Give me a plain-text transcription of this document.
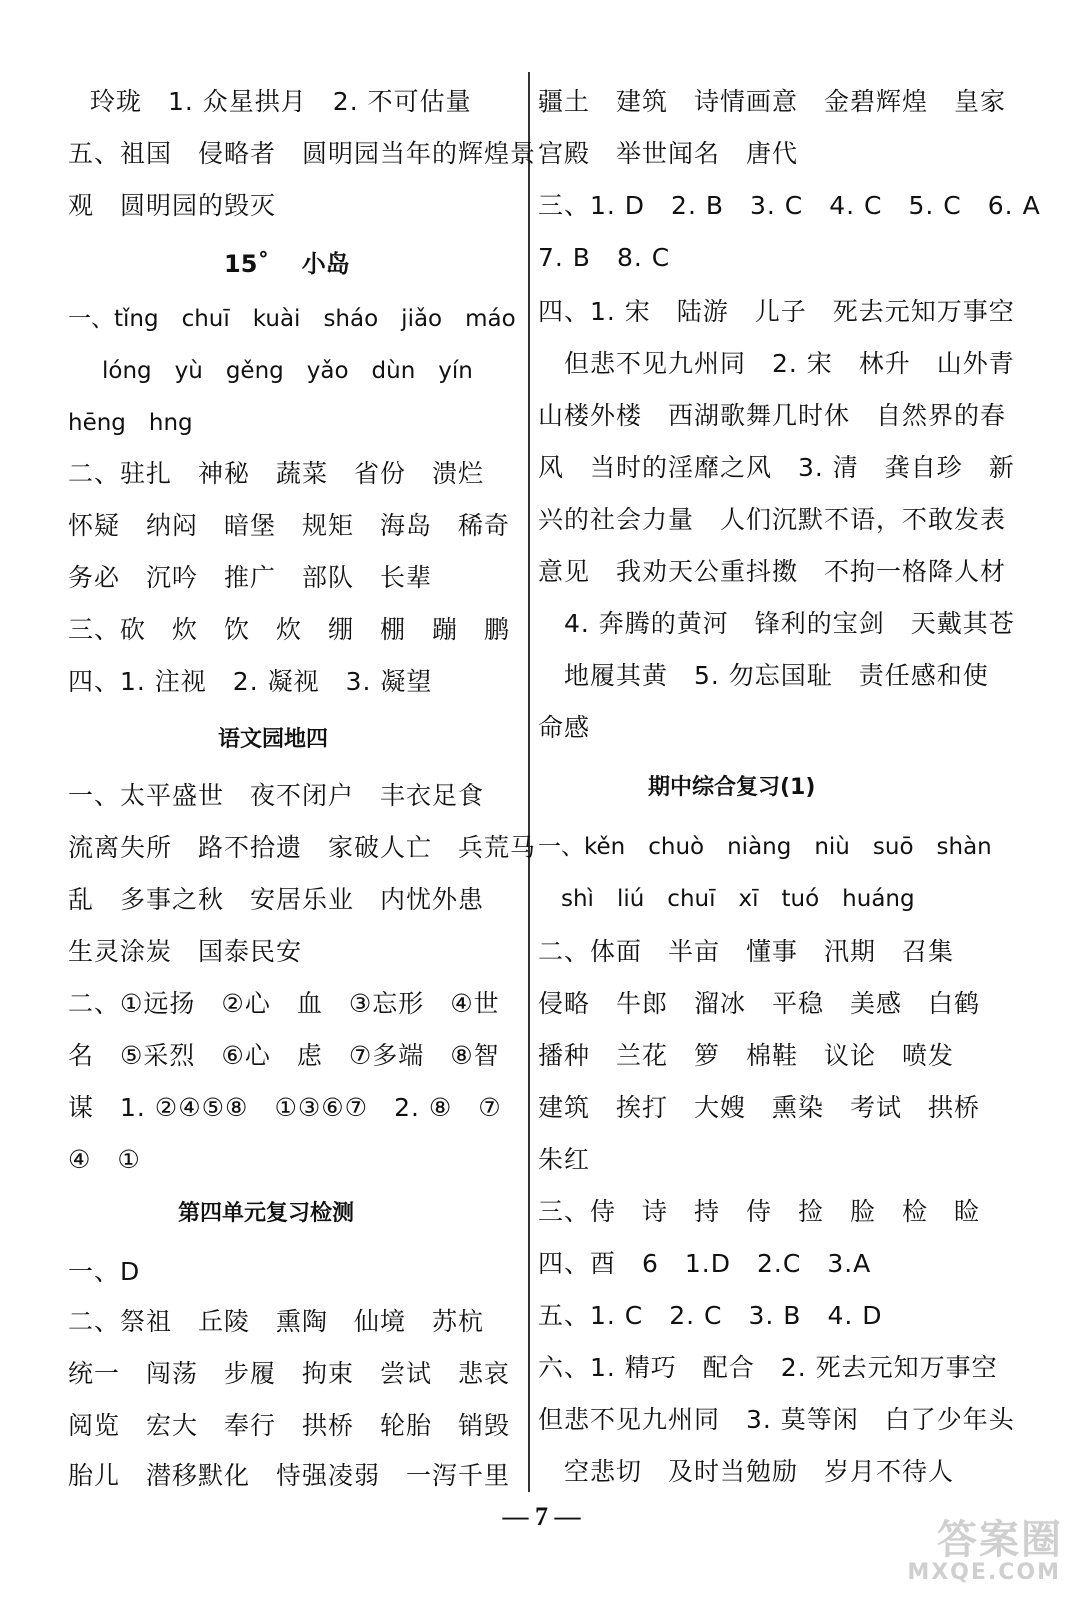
玲珑　1. 众星拱月　2. 不可估量
五、祖国　侵略者　圆明园当年的辉煌景
观　圆明园的毁灭
15˚ 小岛
一、tǐng　chuī　kuài　sháo　jiǎo　máo
lóng　yù　gěng　yǎo　dùn　yín
hēng　hng
二、驻扎　神秘　蔬菜　省份　溃烂
怀疑　纳闷　暗堡　规矩　海岛　稀奇
务必　沉吟　推广　部队　长辈
三、砍　炊　饮　炊　绷　棚　蹦　鹏
四、1. 注视　2. 凝视　3. 凝望
语文园地四
一、太平盛世　夜不闭户　丰衣足食
流离失所　路不拾遗　家破人亡　兵荒马
乱　多事之秋　安居乐业　内忧外患
生灵涂炭　国泰民安
二、①远扬　②心　血　③忘形　④世
名　⑤采烈　⑥心　虑　⑦多端　⑧智
谋　1. ②④⑤⑧　①③⑥⑦　2. ⑧　⑦
④　①
第四单元复习检测
一、D
二、祭祖　丘陵　熏陶　仙境　苏杭
统一　闯荡　步履　拘束　尝试　悲哀
阅览　宏大　奉行　拱桥　轮胎　销毁
胎儿　潜移默化　恃强凌弱　一泻千里
疆土　建筑　诗情画意　金碧辉煌　皇家
宫殿　举世闻名　唐代
三、1. D　2. B　3. C　4. C　5. C　6. A
7. B　8. C
四、1. 宋　陆游　儿子　死去元知万事空
　但悲不见九州同　2. 宋　林升　山外青
山楼外楼　西湖歌舞几时休　自然界的春
风　当时的淫靡之风　3. 清　龚自珍　新
兴的社会力量　人们沉默不语，不敢发表
意见　我劝天公重抖擞　不拘一格降人材
　4. 奔腾的黄河　锋利的宝剑　天戴其苍
　地履其黄　5. 勿忘国耻　责任感和使
命感
期中综合复习(1)
一、kěn　chuò　niàng　niù　suō　shàn
　shì　liú　chuī　xī　tuó　huáng
二、体面　半亩　懂事　汛期　召集
侵略　牛郎　溜冰　平稳　美感　白鹤
播种　兰花　箩　棉鞋　议论　喷发
建筑　挨打　大嫂　熏染　考试　拱桥
朱红
三、侍　诗　持　侍　捡　脸　检　睑
四、酉　6　1.D　2.C　3.A
五、1. C　2. C　3. B　4. D
六、1. 精巧　配合　2. 死去元知万事空
但悲不见九州同　3. 莫等闲　白了少年头
　空悲切　及时当勉励　岁月不待人
— 7 —
答案圈
MXQE.COM
